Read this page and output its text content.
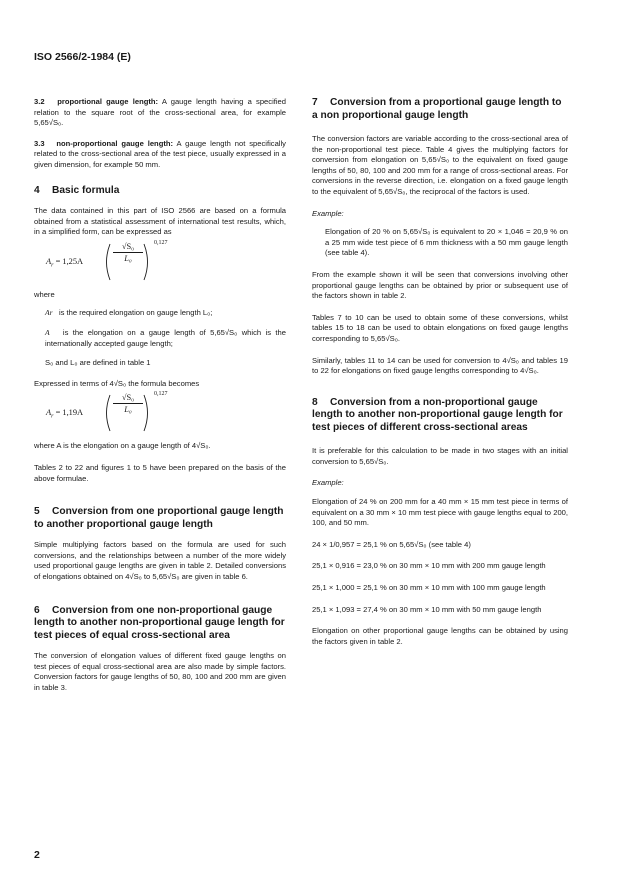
ISO 2566/2-1984 (E)

3.2 proportional gauge length: A gauge length having a specified relation to the square root of the cross-sectional area, for example 5,65√S₀.

3.3 non-proportional gauge length: A gauge length not specifically related to the cross-sectional area of the test piece, usually expressed in a given dimension, for example 50 mm.

4 Basic formula

The data contained in this part of ISO 2566 are based on a formula obtained from a statistical assessment of international test results, which, in a simplified form, can be expressed as

$A_r = 1,25A$	$\frac{\text{√S₀}}{\text{L₀}} 0,127$

where

Ar is the required elongation on gauge length L₀;

A is the elongation on a gauge length of 5,65√S₀ which is the internationally accepted gauge length;

S₀ and L₀ are defined in table 1

Expressed in terms of 4√S₀ the formula becomes

$A_r = 1,19A$	$\frac{\text{√S₀}}{\text{L₀}} 0,127$

where A is the elongation on a gauge length of 4√S₀.

Tables 2 to 22 and figures 1 to 5 have been prepared on the basis of the above formulae.

5 Conversion from one proportional gauge length to another proportional gauge length

Simple multiplying factors based on the formula are used for such conversions, and the relationships between a number of the more widely used proportional gauge lengths are given in table 2. Detailed conversions of elongations obtained on 4√S₀ to 5,65√S₀ are given in table 6.

6 Conversion from one non-proportional gauge length to another non-proportional gauge length for test pieces of equal cross-sectional area

The conversion of elongation values of different fixed gauge lengths on test pieces of equal cross-sectional area are also made by simple factors. Conversion factors for gauge lengths of 50, 80, 100 and 200 mm are given in table 3.

7 Conversion from a proportional gauge length to a non proportional gauge length

The conversion factors are variable according to the cross-sectional area of the non-proportional test piece. Table 4 gives the multiplying factors for conversion from elongation on 5,65√S₀ to the equivalent on fixed gauge lengths of 50, 80, 100 and 200 mm for a range of cross-sectional areas. For conversions in the reverse direction, i.e. elongation on a fixed gauge length to the equivalent of 5,65√S₀, the reciprocal of the factors is used.

Example:

Elongation of 20 % on 5,65√S₀ is equivalent to 20 × 1,046 = 20,9 % on a 25 mm wide test piece of 6 mm thickness with a 50 mm gauge length (see table 4).

From the example shown it will be seen that conversions involving other proportional gauge lengths can be obtained by prior or subsequent use of the factors shown in table 2.

Tables 7 to 10 can be used to obtain some of these conversions, whilst tables 15 to 18 can be used to obtain elongations on fixed gauge lengths corresponding to 5,65√S₀.

Similarly, tables 11 to 14 can be used for conversion to 4√S₀ and tables 19 to 22 for elongations on fixed gauge lengths corresponding to 4√S₀.

8 Conversion from a non-proportional gauge length to another non-proportional gauge length for test pieces of different cross-sectional areas

It is preferable for this calculation to be made in two stages with an initial conversion to 5,65√S₀.

Example:

Elongation of 24 % on 200 mm for a 40 mm × 15 mm test piece in terms of equivalent on a 30 mm × 10 mm test piece with gauge lengths equal to 200, 100, and 50 mm.

24 × 1/0,957 = 25,1 % on 5,65√S₀ (see table 4)

25,1 × 0,916 = 23,0 % on 30 mm × 10 mm with 200 mm gauge length

25,1 × 1,000 = 25,1 % on 30 mm × 10 mm with 100 mm gauge length

25,1 × 1,093 = 27,4 % on 30 mm × 10 mm with 50 mm gauge length

Elongation on other proportional gauge lengths can be obtained by using the factors given in table 2.

2
